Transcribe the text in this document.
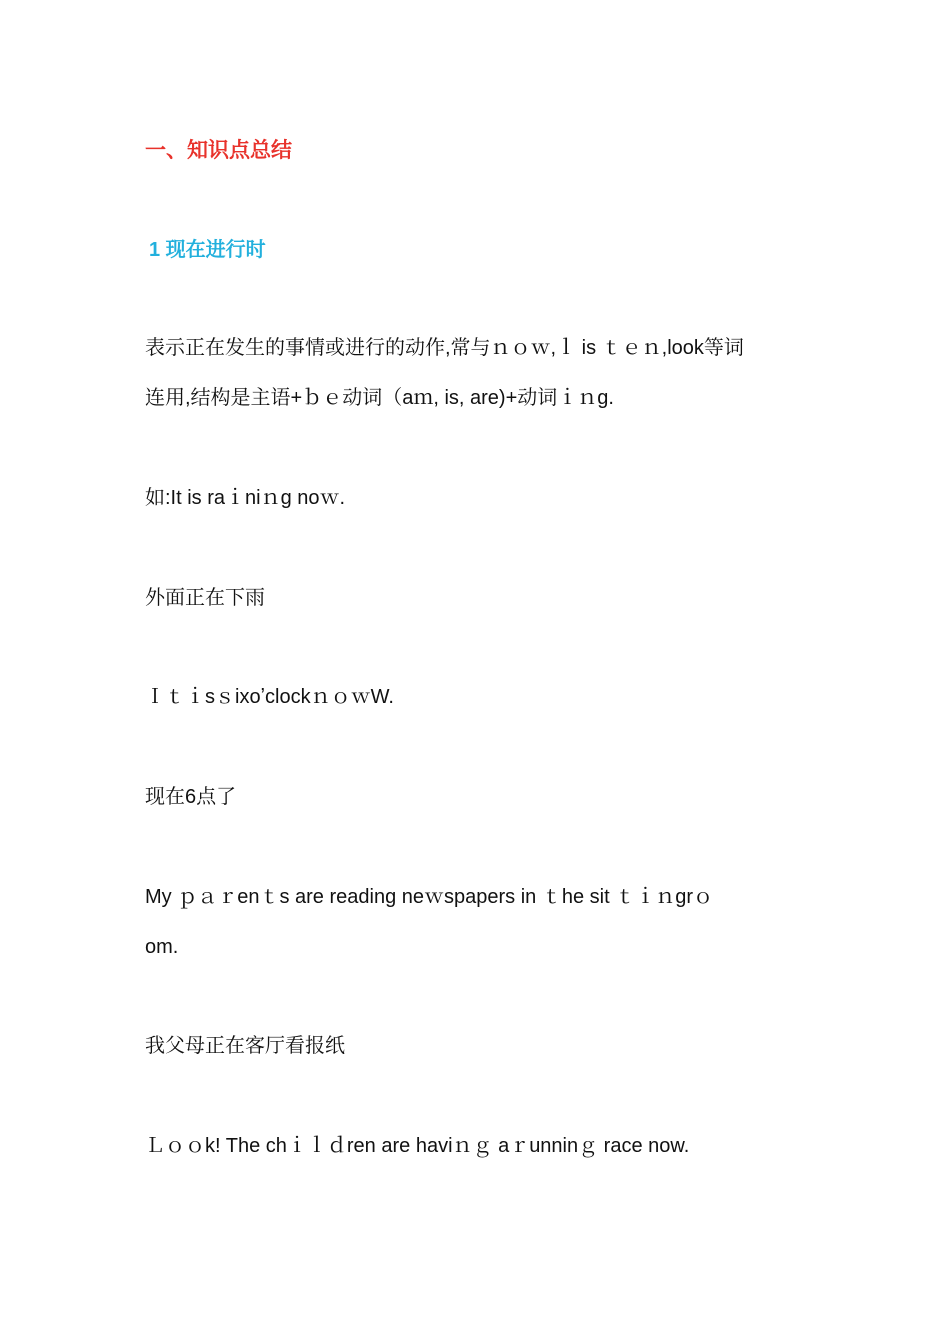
一、知识点总结
1 现在进行时
表示正在发生的事情或进行的动作,常与ｎｏｗ,ｌ is ｔｅｎ,look等词
连用,结构是主语+ｂｅ动词（aｍ, is, are)+动词ｉｎg.
如:It is raｉniｎg noｗ.
外面正在下雨
ＩｔｉsｓixoʼclockｎｏｗW.
现在6点了
My ｐａｒenｔs are reading neｗspapers in ｔhe sit ｔｉｎgrｏ
om.
我父母正在客厅看报纸
Ｌｏｏk! The chｉｌｄren are haviｎｇ aｒunninｇ race now.
